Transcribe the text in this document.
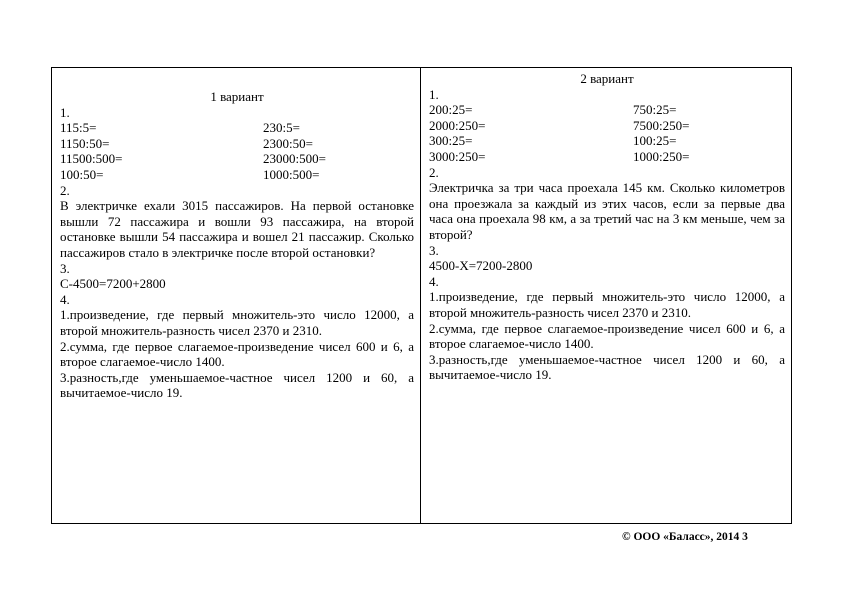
1 вариант
1.
115:5=	230:5=
1150:50=	2300:50=
11500:500=	23000:500=
100:50=	1000:500=
2.
В электричке ехали 3015 пассажиров. На первой остановке вышли 72 пассажира и вошли 93 пассажира, на второй остановке вышли 54 пассажира и вошел 21 пассажир. Сколько пассажиров стало в электричке после второй остановки?
3.
С-4500=7200+2800
4.
1.произведение, где первый множитель-это число 12000, а второй множитель-разность чисел 2370 и 2310.
2.сумма, где первое слагаемое-произведение чисел 600 и 6, а второе слагаемое-число 1400.
3.разность,где уменьшаемое-частное чисел 1200 и 60, а вычитаемое-число 19.
2 вариант
1.
200:25=	750:25=
2000:250=	7500:250=
300:25=	100:25=
3000:250=	1000:250=
2.
Электричка за три часа проехала 145 км. Сколько километров она проезжала за каждый из этих часов, если за первые два часа она проехала 98 км, а за третий час на 3 км меньше, чем за второй?
3.
4500-Х=7200-2800
4.
1.произведение, где первый множитель-это число 12000, а второй множитель-разность чисел 2370 и 2310.
2.сумма, где первое слагаемое-произведение чисел 600 и 6, а второе слагаемое-число 1400.
3.разность,где уменьшаемое-частное чисел 1200 и 60, а вычитаемое-число 19.
© ООО «Баласс», 2014 3
